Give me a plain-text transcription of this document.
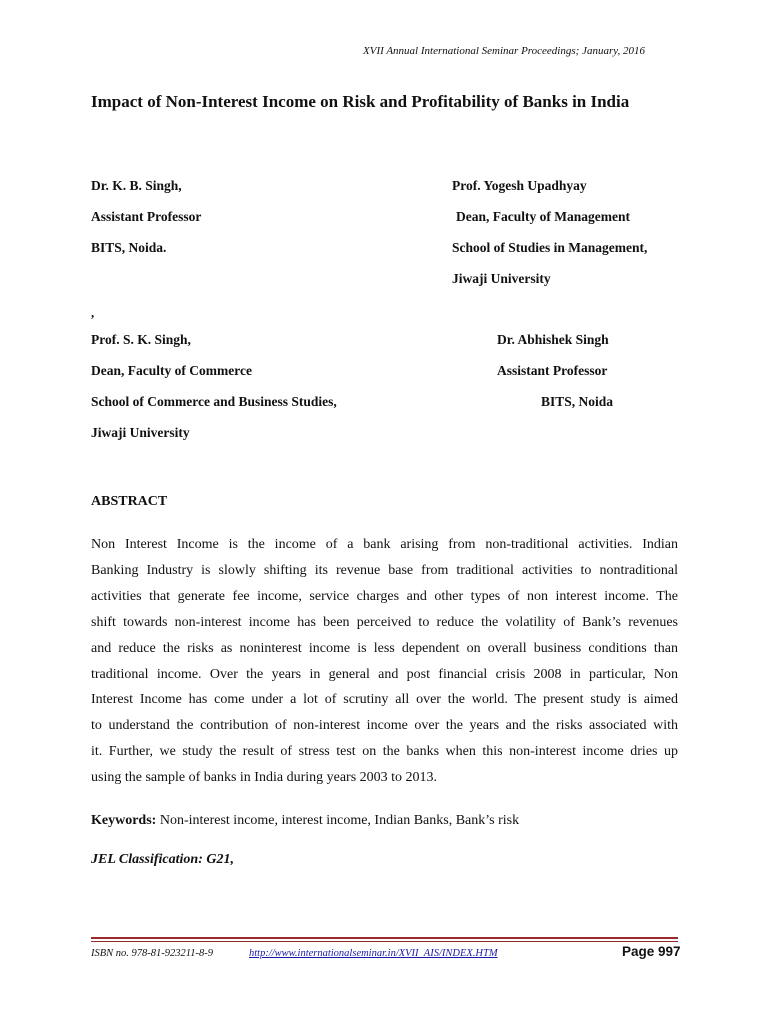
XVII Annual International Seminar Proceedings; January, 2016
Impact of Non-Interest Income on Risk and Profitability of Banks in India
Dr. K. B. Singh,
Assistant Professor
BITS, Noida.
Prof. Yogesh Upadhyay
Dean, Faculty of Management
School of Studies in Management,
Jiwaji University
,
Prof. S. K. Singh,
Dean, Faculty of Commerce
School of Commerce and Business Studies,
Jiwaji University
Dr. Abhishek Singh
Assistant Professor
BITS, Noida
ABSTRACT
Non Interest Income is the income of a bank arising from non-traditional activities. Indian
Banking Industry is slowly shifting its revenue base from traditional activities to nontraditional
activities that generate fee income, service charges and other types of non interest income. The
shift towards non-interest income has been perceived to reduce the volatility of Bank’s revenues
and reduce the risks as noninterest income is less dependent on overall business conditions than
traditional income. Over the years in general and post financial crisis 2008 in particular, Non
Interest Income has come under a lot of scrutiny all over the world. The present study is aimed
to understand the contribution of non-interest income over the years and the risks associated with
it. Further, we study the result of stress test on the banks when this non-interest income dries up
using the sample of banks in India during years 2003 to 2013.
Keywords: Non-interest income, interest income, Indian Banks, Bank’s risk
JEL Classification: G21,
ISBN no. 978-81-923211-8-9	http://www.internationalseminar.in/XVII_AIS/INDEX.HTM	Page 997
